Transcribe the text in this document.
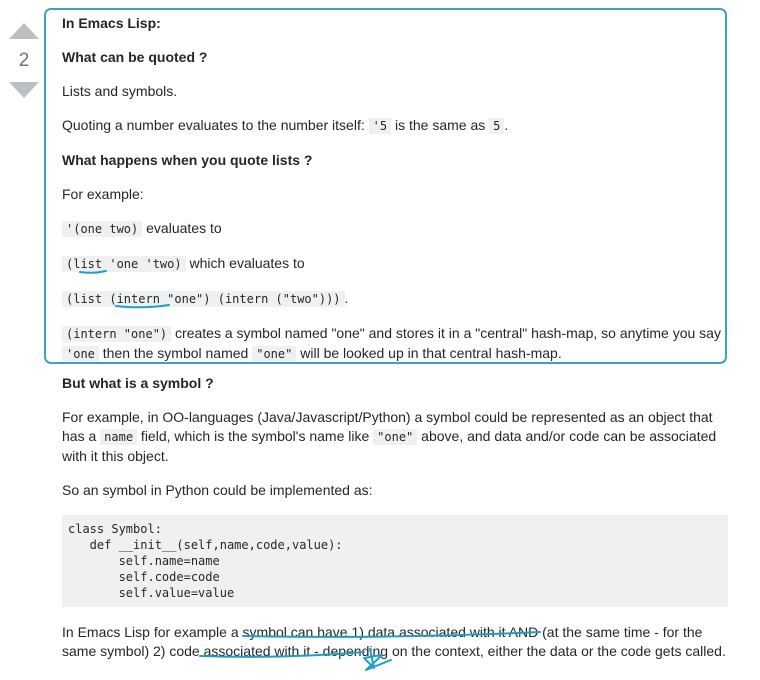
2

In Emacs Lisp:

What can be quoted ?

Lists and symbols.

Quoting a number evaluates to the number itself: '5 is the same as 5 .

What happens when you quote lists ?

For example:

'(one two) evaluates to

(list 'one 'two) which evaluates to

(list (intern "one") (intern ("two"))) .

(intern "one") creates a symbol named "one" and stores it in a "central" hash-map, so anytime you say 'one then the symbol named "one" will be looked up in that central hash-map.

But what is a symbol ?

For example, in OO-languages (Java/Javascript/Python) a symbol could be represented as an object that has a name field, which is the symbol's name like "one" above, and data and/or code can be associated with it this object.

So an symbol in Python could be implemented as:

class Symbol:
def __init__(self,name,code,value):
self.name=name
self.code=code
self.value=value

In Emacs Lisp for example a symbol can have 1) data associated with it AND (at the same time - for the same symbol) 2) code associated with it - depending on the context, either the data or the code gets called.
